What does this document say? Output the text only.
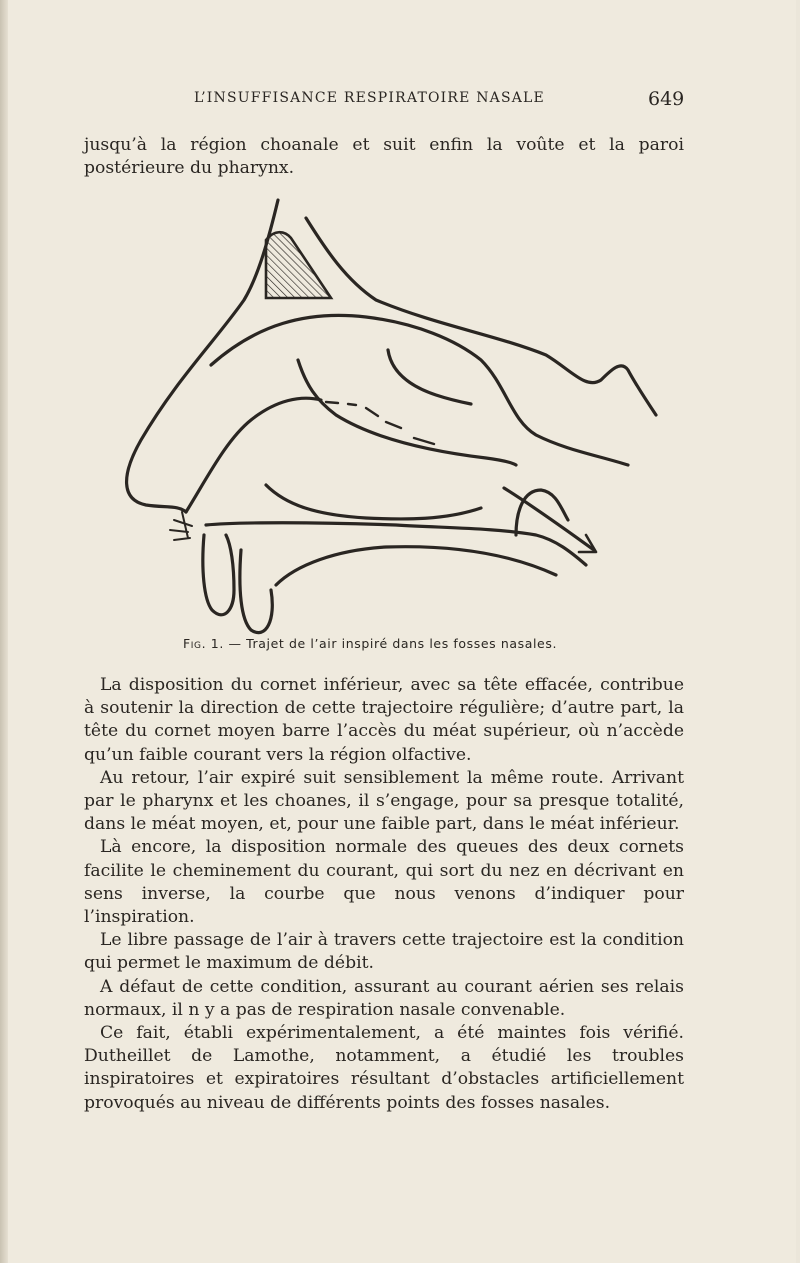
L’INSUFFISANCE RESPIRATOIRE NASALE	649

jusqu’à la région choanale et suit enfin la voûte et la paroi postérieure du pharynx.

Fig. 1. — Trajet de l’air inspiré dans les fosses nasales.

La disposition du cornet inférieur, avec sa tête effacée, contribue à soutenir la direction de cette trajectoire régulière; d’autre part, la tête du cornet moyen barre l’accès du méat supérieur, où n’accède qu’un faible courant vers la région olfactive.

Au retour, l’air expiré suit sensiblement la même route. Arrivant par le pharynx et les choanes, il s’engage, pour sa presque totalité, dans le méat moyen, et, pour une faible part, dans le méat inférieur.

Là encore, la disposition normale des queues des deux cornets facilite le cheminement du courant, qui sort du nez en décrivant en sens inverse, la courbe que nous venons d’indiquer pour l’inspiration.

Le libre passage de l’air à travers cette trajectoire est la condition qui permet le maximum de débit.

A défaut de cette condition, assurant au courant aérien ses relais normaux, il n y a pas de respiration nasale convenable.

Ce fait, établi expérimentalement, a été maintes fois vérifié. Dutheillet de Lamothe, notamment, a étudié les troubles inspiratoires et expiratoires résultant d’obstacles artificiellement provoqués au niveau de différents points des fosses nasales.
